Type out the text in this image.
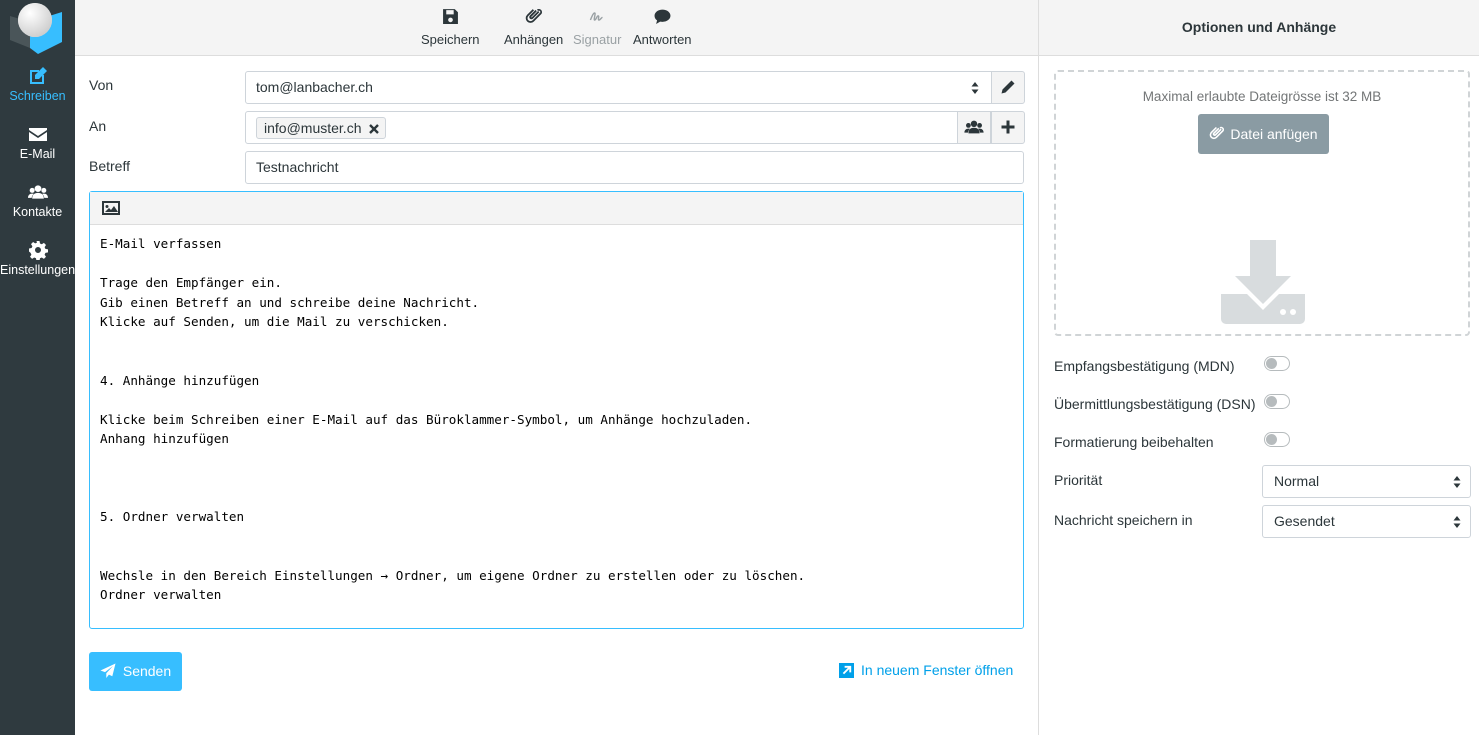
Schreiben
E-Mail
Kontakte
Einstellungen
Speichern Anhängen Signatur Antworten
Von	tom@lanbacher.ch
An	info@muster.ch
Betreff	Testnachricht
E-Mail verfassen

Trage den Empfänger ein.
Gib einen Betreff an und schreibe deine Nachricht.
Klicke auf Senden, um die Mail zu verschicken.

4. Anhänge hinzufügen

Klicke beim Schreiben einer E-Mail auf das Büroklammer-Symbol, um Anhänge hochzuladen.
Anhang hinzufügen

5. Ordner verwalten

Wechsle in den Bereich Einstellungen → Ordner, um eigene Ordner zu erstellen oder zu löschen.
Ordner verwalten
Senden	In neuem Fenster öffnen
Optionen und Anhänge
Maximal erlaubte Dateigrösse ist 32 MB
Datei anfügen
Empfangsbestätigung (MDN)
Übermittlungsbestätigung (DSN)
Formatierung beibehalten
Priorität	Normal
Nachricht speichern in	Gesendet
